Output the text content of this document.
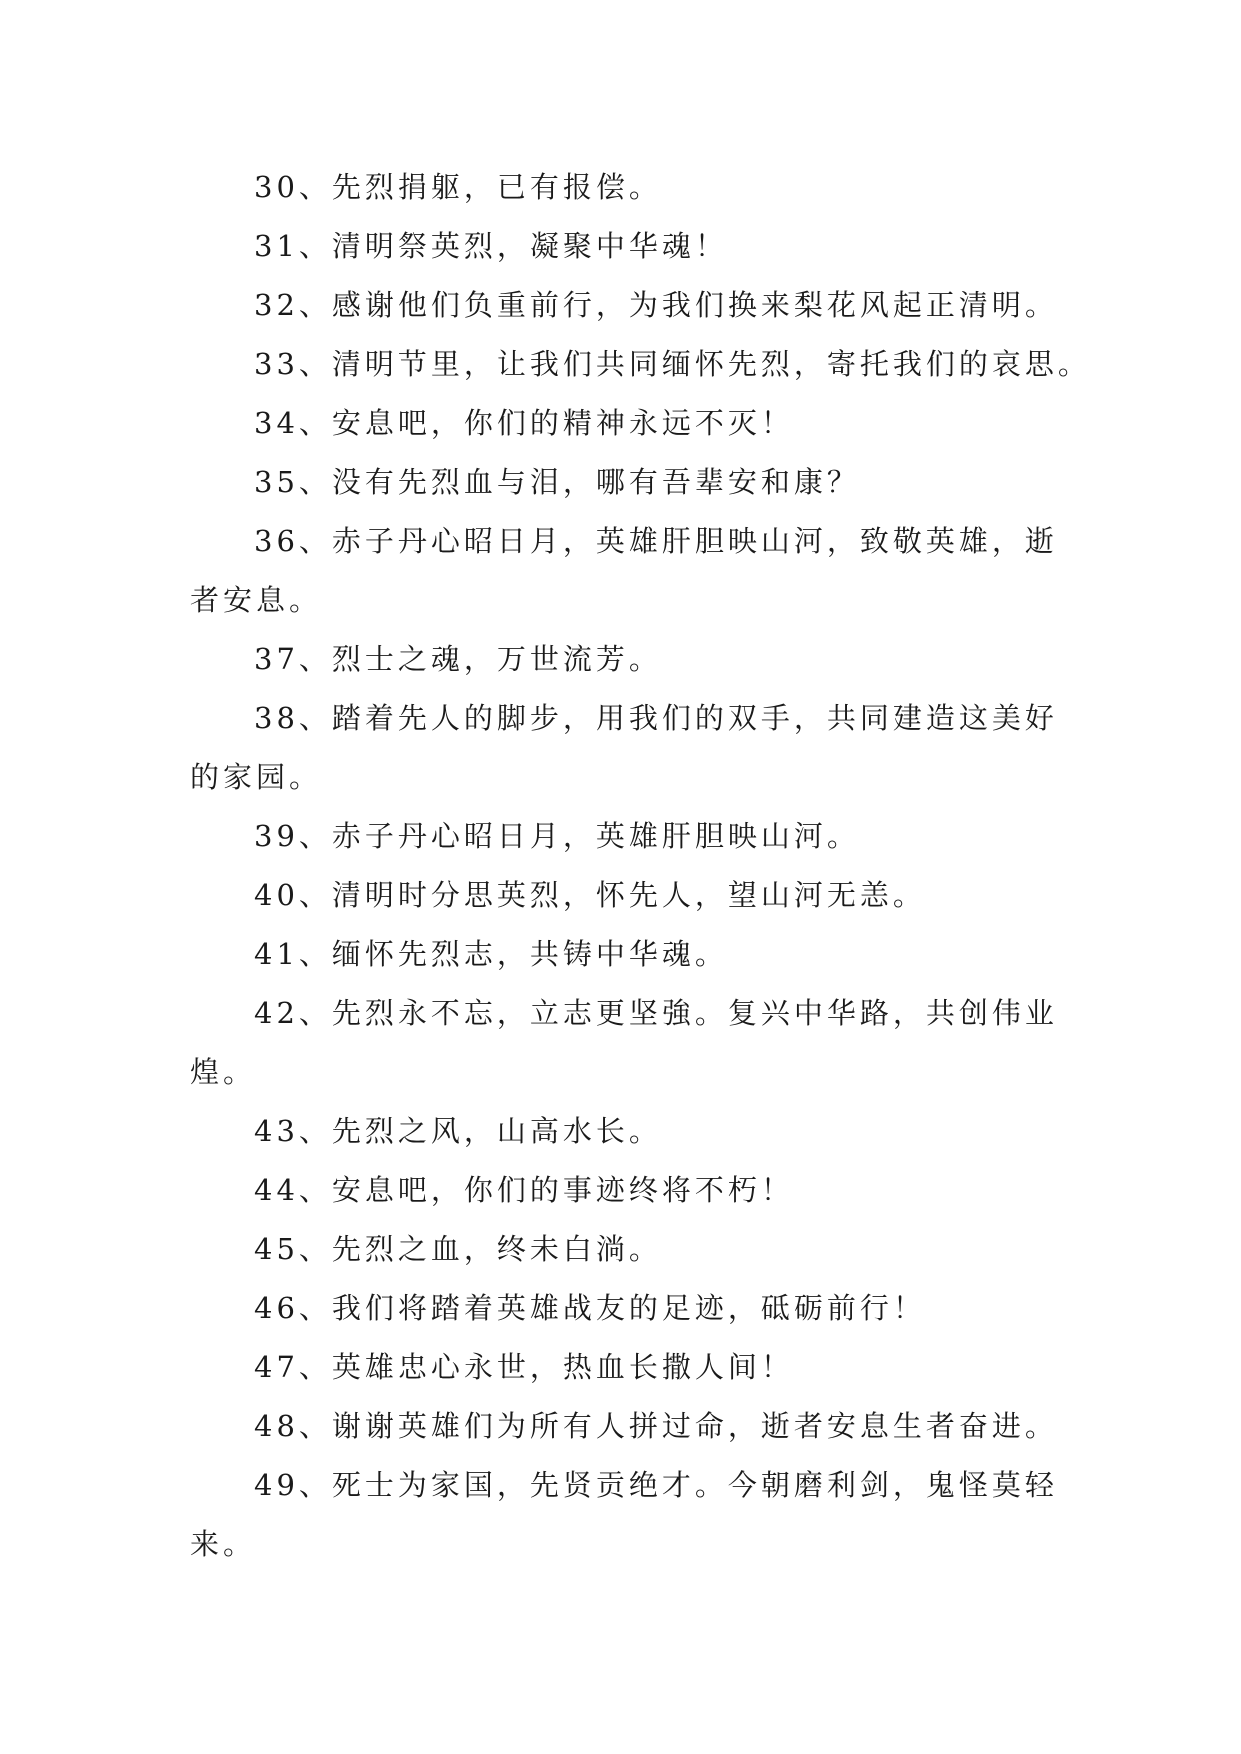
30、先烈捐躯，已有报偿。
31、清明祭英烈，凝聚中华魂！
32、感谢他们负重前行，为我们换来梨花风起正清明。
33、清明节里，让我们共同缅怀先烈，寄托我们的哀思。
34、安息吧，你们的精神永远不灭！
35、没有先烈血与泪，哪有吾辈安和康？
36、赤子丹心昭日月，英雄肝胆映山河，致敬英雄，逝
者安息。
37、烈士之魂，万世流芳。
38、踏着先人的脚步，用我们的双手，共同建造这美好
的家园。
39、赤子丹心昭日月，英雄肝胆映山河。
40、清明时分思英烈，怀先人，望山河无恙。
41、缅怀先烈志，共铸中华魂。
42、先烈永不忘，立志更坚強。复兴中华路，共创伟业
煌。
43、先烈之风，山高水长。
44、安息吧，你们的事迹终将不朽！
45、先烈之血，终未白淌。
46、我们将踏着英雄战友的足迹，砥砺前行！
47、英雄忠心永世，热血长撒人间！
48、谢谢英雄们为所有人拼过命，逝者安息生者奋进。
49、死士为家国，先贤贡绝才。今朝磨利剑，鬼怪莫轻
来。
